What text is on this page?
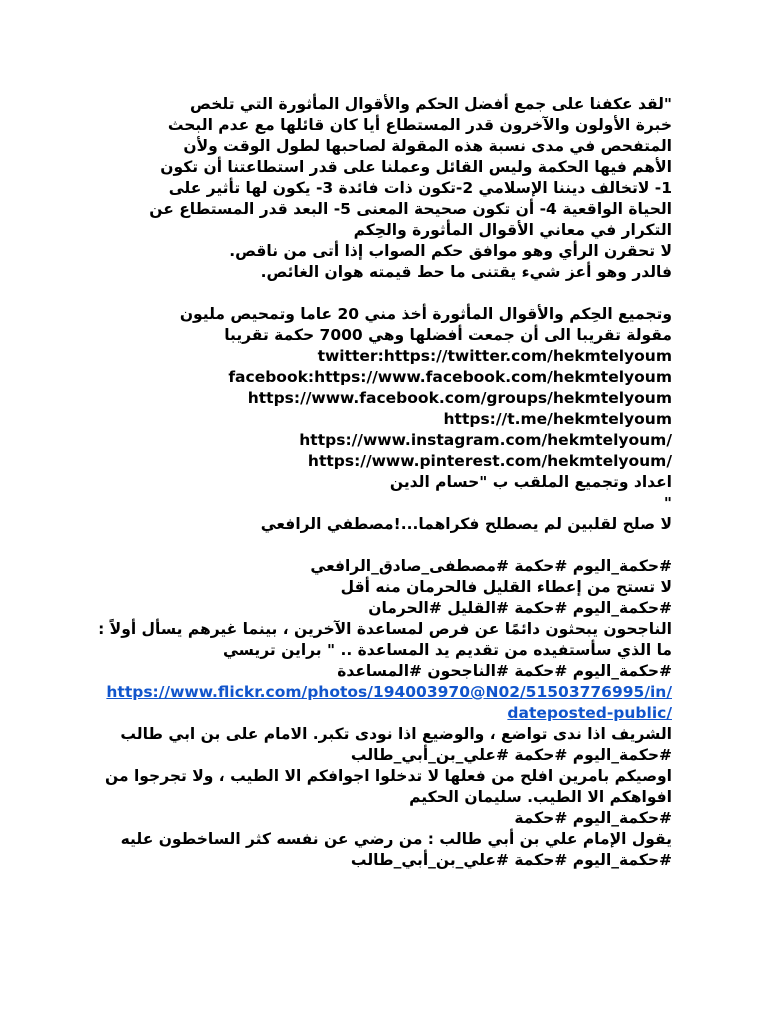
"لقد عكفنا على جمع أفضل الحكم والأقوال المأثورة التي تلخص

خبرة الأولون والآخرون قدر المستطاع أيا كان قائلها مع عدم البحث

المتفحص في مدى نسبة هذه المقولة لصاحبها لطول الوقت ولأن

الأهم فيها الحكمة وليس القائل وعملنا على قدر استطاعتنا أن تكون

1- لاتخالف ديننا الإسلامي 2-تكون ذات فائدة 3- يكون لها تأثير على

الحياة الواقعية 4- أن تكون صحيحة المعنى 5- البعد قدر المستطاع عن

التكرار في معاني الأقوال المأثورة والحِكم

لا تحقرن الرأي وهو موافق حكم الصواب إذا أتى من ناقص.

فالدر وهو أعز شيء يقتنى ما حط قيمته هوان الغائص.

وتجميع الحِكم والأقوال المأثورة أخذ مني 20 عاما وتمحيص مليون

مقولة تقريبا الى أن جمعت أفضلها وهي 7000 حكمة تقريبا

twitter:https://twitter.com/hekmtelyoum

facebook:https://www.facebook.com/hekmtelyoum

https://www.facebook.com/groups/hekmtelyoum

https://t.me/hekmtelyoum

https://www.instagram.com/hekmtelyoum/

https://www.pinterest.com/hekmtelyoum/

اعداد وتجميع الملقب ب "حسام الدين

"

لا صلح لقلبين لم يصطلح فكراهما...!مصطفي الرافعي

#حكمة_اليوم #حكمة #مصطفى_صادق_الرافعي

لا تستح من إعطاء القليل فالحرمان منه أقل

#حكمة_اليوم #حكمة #القليل #الحرمان

الناجحون يبحثون دائمًا عن فرص لمساعدة الآخرين ، بينما غيرهم يسأل أولاً : ما الذي سأستفيده من تقديم يد المساعدة .. " براين تريسي

#حكمة_اليوم #حكمة #الناجحون #المساعدة

https://www.flickr.com/photos/194003970@N02/51503776995/in/dateposted-public/

الشريف اذا ندى تواضع ، والوضيع اذا نودى تكبر. الامام على بن ابي طالب

#حكمة_اليوم #حكمة #علي_بن_أبي_طالب

اوصيكم بامرين افلح من فعلها لا تدخلوا اجوافكم الا الطيب ، ولا تجرجوا من افواهكم الا الطيب. سليمان الحكيم

#حكمة_اليوم #حكمة

يقول الإمام علي بن أبي طالب : من رضي عن نفسه كثر الساخطون عليه

#حكمة_اليوم #حكمة #علي_بن_أبي_طالب
